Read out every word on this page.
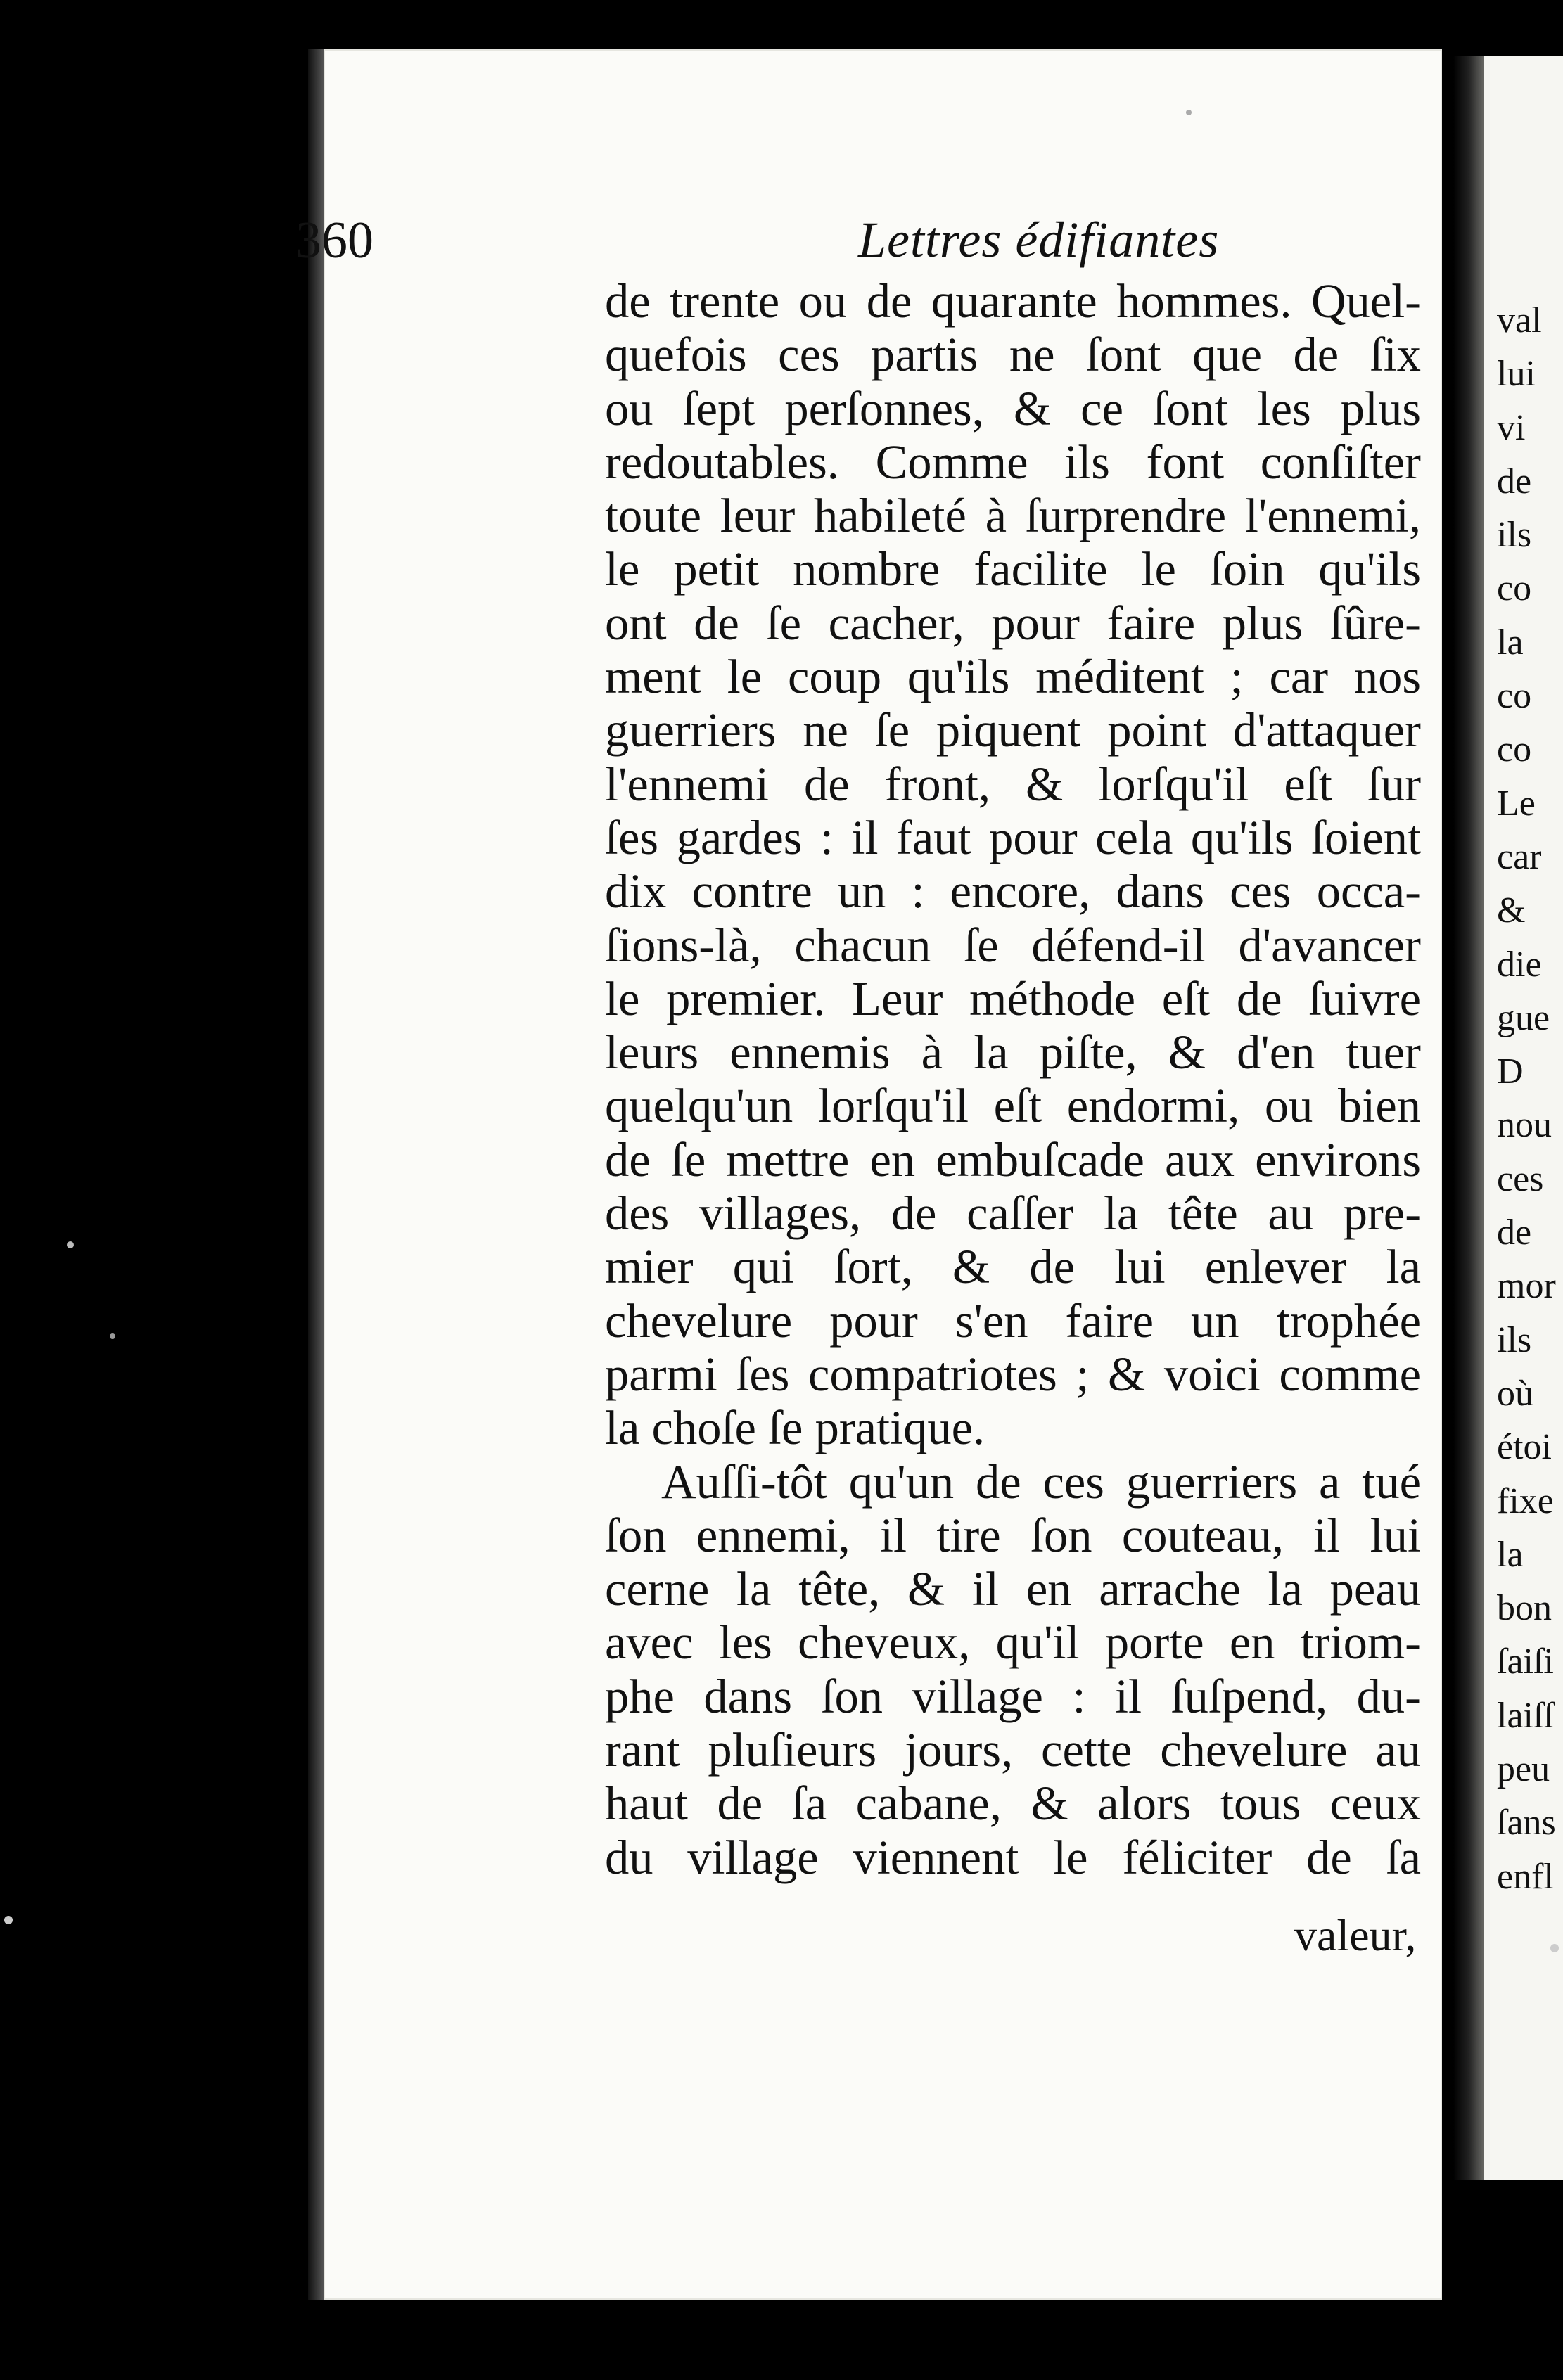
360	Lettres édifiantes
de trente ou de quarante hommes. Quel-
quefois ces partis ne ſont que de ſix
ou ſept perſonnes, & ce ſont les plus
redoutables. Comme ils font conſiſter
toute leur habileté à ſurprendre l'ennemi,
le petit nombre facilite le ſoin qu'ils
ont de ſe cacher, pour faire plus ſûre-
ment le coup qu'ils méditent ; car nos
guerriers ne ſe piquent point d'attaquer
l'ennemi de front, & lorſqu'il eſt ſur
ſes gardes : il faut pour cela qu'ils ſoient
dix contre un : encore, dans ces occa-
ſions-là, chacun ſe défend-il d'avancer
le premier. Leur méthode eſt de ſuivre
leurs ennemis à la piſte, & d'en tuer
quelqu'un lorſqu'il eſt endormi, ou bien
de ſe mettre en embuſcade aux environs
des villages, de caſſer la tête au pre-
mier qui ſort, & de lui enlever la
chevelure pour s'en faire un trophée
parmi ſes compatriotes ; & voici comme
la choſe ſe pratique.
Auſſi-tôt qu'un de ces guerriers a tué
ſon ennemi, il tire ſon couteau, il lui
cerne la tête, & il en arrache la peau
avec les cheveux, qu'il porte en triom-
phe dans ſon village : il ſuſpend, du-
rant pluſieurs jours, cette chevelure au
haut de ſa cabane, & alors tous ceux
du village viennent le féliciter de ſa
valeur,
val
lui
vi
de
ils
co
la
co
co
Le
car
&
die
gue
D
nou
ces
de
mor
ils
où
étoi
fixe
la
bon
ſaiſi
laiſſ
peu
ſans
enfl
